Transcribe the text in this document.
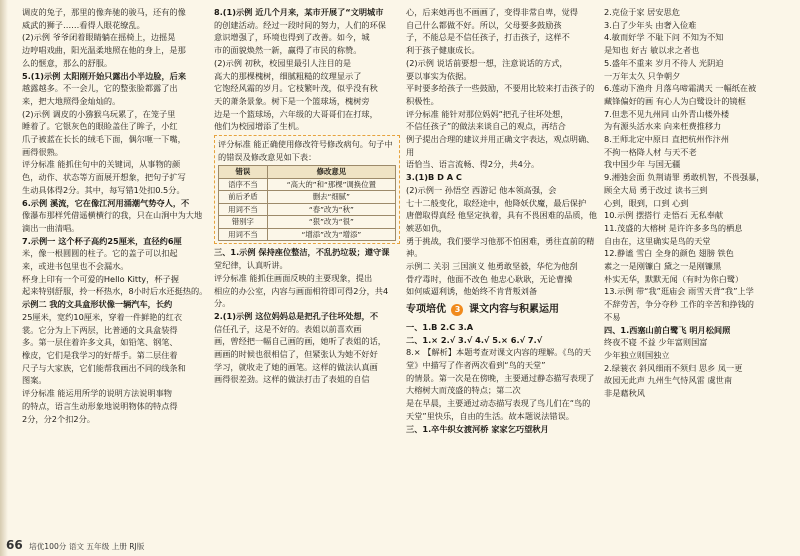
调皮的兔子，那里的像奔驰的骏马，还有的像

威武的狮子……看得人眼花缭乱。

(2)示例 爷爷闭着眼睛躺在摇椅上，边摇晃

边哼唱戏曲，阳光温柔地照在他的身上，是那

么的惬意，那么的舒服。

5.(1)示例 太阳刚开始只露出小半边脸，后来

越露越多。不一会儿，它的整张脸都露了出

来，把大地照得金灿灿的。

(2)示例 调皮的小猕猴乌玩累了，在笼子里

睡着了。它银灰色的眼睑盖住了眸子，小红

爪子被蓝在长长的绒毛下面，偶尔咂一下嘴，

画得很熟。

评分标准 能抓住句中的关键词，从事物的颜

色，动作、状态等方面展开想象，把句子扩写

生动具体得2分。其中，每写错1处扣0.5分。

6.示例 溪流，它在像江河用涌潮气势夺人，不

像瀑布那样凭借遥横横行的我，只在山涧中为大地

滴出一曲清唱。

7.示例一 这个杯子高约25厘米，直径约6厘

米，像一根圆圆的柱子。它的盖子可以扣起

来，或进书包里也不会漏水。

杯身上印有一个可爱的Hello Kitty，杯子握

起来特别舒服，拎一杯热水，8小时后水还挺热的。

示例二 我的文具盒形状像一辆汽车，长约

25厘米，宽约10厘米，穿着一件鲜艳的红衣

裳。它分为上下两层，比普通的文具盒装得

多。第一层住着许多文具，如铅笔、钢笔、

橡皮，它们是我学习的好帮手。第二层住着

尺子与大家族，它们能帮我画出不同的线条和

图案。

评分标准 能运用所学的说明方法说明事物

的特点，语言生动形象地说明物体的特点得

2分，分2个扣2分。

8.(1)示例 近几个月来，某市开展了“文明城市

的创建活动。经过一段时间的努力，人们的环保

意识增强了，环境也得到了改善。如今，城

市的面貌焕然一新，赢得了市民的称赞。

(2)示例 初秋，校园里最引人注目的是

高大的那棵槐树，细腻粗糙的纹理显示了

它饱经风霜的岁月。它枝繁叶茂，似乎没有秋

天的萧条景象。树下是一个篮球场，槐树旁

边是一个篮球场，六年级的大哥哥们在打球，

他们为校园增添了生机。

评分标准 能正确使用修改符号修改病句。句子中的错误及修改意见如下表：

错误	修改意见
语序不当	“高大的”和“那棵”调换位置
前后矛盾	删去“细腻”
用词不当	“春”改为“秋”
错别字	“狠”改为“很”
用词不当	“增添”改为“增添”

三、1.示例 保持座位整洁，不乱扔垃圾；遵守课

堂纪律，认真听讲。

评分标准 能抓住画面反映的主要现象，提出

相应的办公室，内容与画面相符即可得2分，共4分。

2.(1)示例 这位妈妈总是把孔子往坏处想，不

信任孔子，这是不好的。表姐以前喜欢画

画，曾经把一幅自己画的画，她听了表姐的话，

画画的时候也很相信了，但紧张认为她不好好

学习，就收走了她的画笔。这样的做法认真画

画得很差劲。这样的做法打击了表姐的自信

心，后来她再也不画画了，变得非常自卑，觉得

自己什么都做不好。所以，父母要多鼓励孩

子，不能总是不信任孩子，打击孩子，这样不

利于孩子健康成长。

(2)示例 说话前要想一想，注意说话的方式，

要以事实为依据。

平时要多给孩子一些鼓励，不要用比较来打击孩子的

积极性。

评分标准 能针对那位妈妈“把孔子往坏处想，

不信任孩子”的做法来谈自己的观点，再结合

例子提出合理的建议并用正确文字表达，观点明确、用

语恰当、语言流畅、得2分，共4分。

3.(1)B D A C

(2)示例一 孙悟空 西游记 他本领高强，会

七十二般变化，取经途中，他降妖伏魔，最后保护

唐僧取得真经 他坚定执着，具有不畏困难的品质，他嫉恶如仇，

勇于挑战，我们要学习他那不怕困难，勇往直前的精神。

示例二 关羽 三国演义 他勇敢坚毅，华佗为他刮

骨疗毒时，他面不改色 他忠心耿耿，无论曹操

如何威逼利诱，他始终不肯背叛刘备

专项培优 3 课文内容与积累运用

一、1.B 2.C 3.A

二、1.× 2.√ 3.√ 4.√ 5.× 6.√ 7.√

8.× 【解析】本题考查对课文内容的理解。《鸟的天堂》中描写了作者两次看到“鸟的天堂”

的情景。第一次是在傍晚，主要通过静态描写表现了大榕树大而茂盛的特点；第二次

是在早晨，主要通过动态描写表现了鸟儿们在“鸟的天堂”里快乐，自由的生活。故本题说法错误。

三、1.卒牛织女渡河桥 家家乞巧望秋月

2.克俭于家 居安思危

3.白了少年头 由奢入俭难

4.敏而好学 不耻下问 不知为不知

是知也 好古 敏以求之者也

5.盛年不重来 岁月不待人 光阴迫

一万年太久 只争朝夕

6.莲动下渔舟 月落乌啼霜满天 一幅纸在被

藏锋偏好的画 有心人为白鹭设计的镜框

7.但悲不见九州同 山外青山楼外楼

为有源头活水来 向来枉费推移力

8.王师北定中原日 直把杭州作汴州

不拘一格降人材 与天不老

我中国少年 与国无疆

9.湘弛会面 负荆请罪 勇敢机智，不畏强暴，

顾全大局 勇于改过 读书三到

心到，眼到，口到 心到

10.示例 摆搭行 走悟石 无私奉献

11.茂盛的大榕树 是许许多多鸟的栖息

自由在，这里确实是鸟的天堂

12.静谧 雪白 全身的颜色 翅膀 铁色

素之一是刚镰白 黛之一是刚镰黑

朴实无华，默默无闻（有时为你白鹭）

13.示例 带“我”逛庙会 雨雪天背“我”上学

不辞劳苦，争分夺秒 工作的辛苦和挣钱的

不易

四、1.西塞山前白鹭飞 明月松间照

终夜不寝 不益 少年富则国富

少年独立则国独立

2.绿蓑衣 斜风细雨不须归 思乡 凤一更

故园无此声 九州生气恃风雷 虞世南

非是藉秋风

66 培优100分 语文 五年级 上册 RJ版
